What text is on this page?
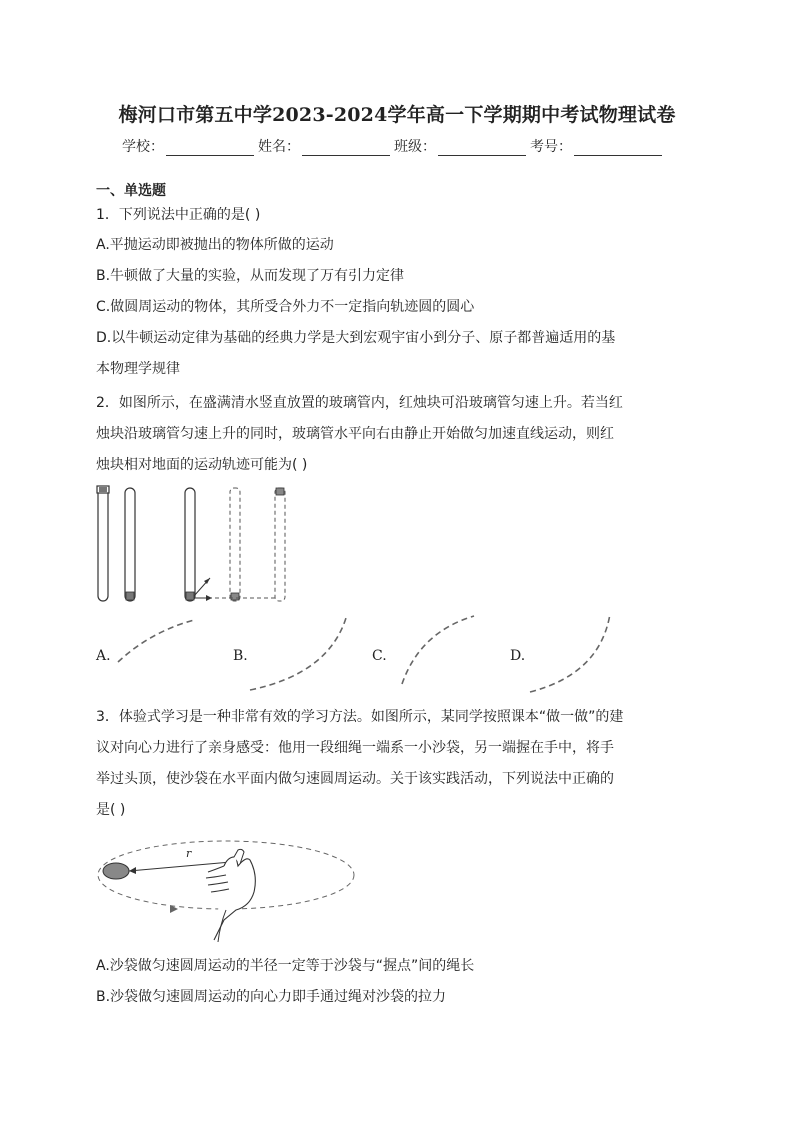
梅河口市第五中学2023-2024学年高一下学期期中考试物理试卷
学校：	姓名：	班级：	考号：
一、单选题
1．下列说法中正确的是( )
A.平抛运动即被抛出的物体所做的运动
B.牛顿做了大量的实验，从而发现了万有引力定律
C.做圆周运动的物体，其所受合外力不一定指向轨迹圆的圆心
D.以牛顿运动定律为基础的经典力学是大到宏观宇宙小到分子、原子都普遍适用的基
本物理学规律
2．如图所示，在盛满清水竖直放置的玻璃管内，红烛块可沿玻璃管匀速上升。若当红
烛块沿玻璃管匀速上升的同时，玻璃管水平向右由静止开始做匀加速直线运动，则红
烛块相对地面的运动轨迹可能为( )
A.	B.	C.	D.
3．体验式学习是一种非常有效的学习方法。如图所示，某同学按照课本“做一做”的建
议对向心力进行了亲身感受：他用一段细绳一端系一小沙袋，另一端握在手中，将手
举过头顶，使沙袋在水平面内做匀速圆周运动。关于该实践活动，下列说法中正确的
是( )
r
A.沙袋做匀速圆周运动的半径一定等于沙袋与“握点”间的绳长
B.沙袋做匀速圆周运动的向心力即手通过绳对沙袋的拉力
